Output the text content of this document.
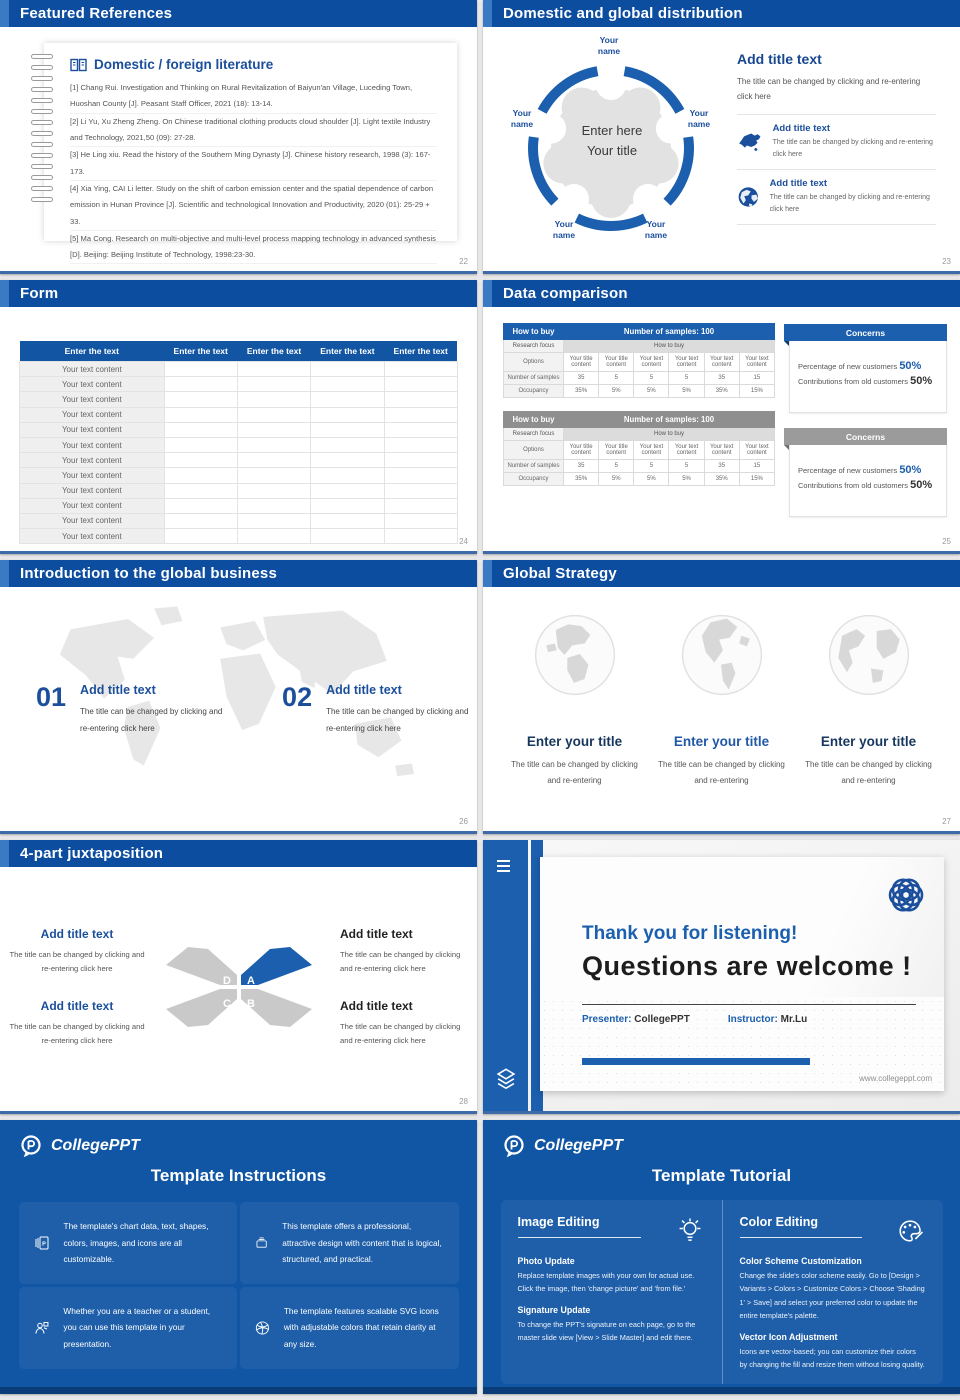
Featured References
Domestic / foreign literature

[1] Chang Rui. Investigation and Thinking on Rural Revitalization of Baiyun'an Village, Luceding Town, Huoshan County [J]. Peasant Staff Officer, 2021 (18): 13-14.

[2] Li Yu, Xu Zheng Zheng. On Chinese traditional clothing products cloud shoulder [J]. Light textile Industry and Technology, 2021,50 (09): 27-28.

[3] He Ling xiu. Read the history of the Southern Ming Dynasty [J]. Chinese history research, 1998 (3): 167-173.

[4] Xia Ying, CAI Li letter. Study on the shift of carbon emission center and the spatial dependence of carbon emission in Hunan Province [J]. Scientific and technological Innovation and Productivity, 2020 (01): 25-29 + 33.

[5] Ma Cong. Research on multi-objective and multi-level process mapping technology in advanced synthesis [D]. Beijing: Beijing Institute of Technology, 1998:23-30.

22
Domestic and global distribution
Your
name
Your
name
Your
name
Your
name
Your
name
Enter here
Your title
Add title text

The title can be changed by clicking and re-entering click here

Add title text

The title can be changed by clicking and re-entering click here

Add title text

The title can be changed by clicking and re-entering click here

23
Form
Enter the text	Enter the text	Enter the text	Enter the text	Enter the text
Your text content				
Your text content				
Your text content				
Your text content				
Your text content				
Your text content				
Your text content				
Your text content				
Your text content				
Your text content				
Your text content				
Your text content				
24
Data comparison
How to buy	Number of samples: 100					
Research focus	How to buy					
Options	Your title content	Your title content	Your text content	Your text content	Your text content	Your text content
Number of samples	35	5	5	5	35	15
Occupancy	35%	5%	5%	5%	35%	15%
How to buy	Number of samples: 100					
Research focus	How to buy					
Options	Your title content	Your title content	Your text content	Your text content	Your text content	Your text content
Number of samples	35	5	5	5	35	15
Occupancy	35%	5%	5%	5%	35%	15%
Concerns

Percentage of new customers 50%

Contributions from old customers 50%

Concerns

Percentage of new customers 50%

Contributions from old customers 50%

25
Introduction to the global business
01 Add title text

The title can be changed by clicking and re-entering click here

02 Add title text

The title can be changed by clicking and re-entering click here

26
Global Strategy
Enter your title

The title can be changed by clicking and re-entering

Enter your title

The title can be changed by clicking and re-entering

Enter your title

The title can be changed by clicking and re-entering

27
4-part juxtaposition
Add title text

The title can be changed by clicking and re-entering click here

D A
C B
Add title text

The title can be changed by clicking and re-entering click here

Add title text

The title can be changed by clicking and re-entering click here

Add title text

The title can be changed by clicking and re-entering click here

28
Thank you for listening!
Questions are welcome !
Presenter: CollegePPT	Instructor: Mr.Lu
www.collegeppt.com
CollegePPT
Template Instructions
P

The template's chart data, text, shapes, colors, images, and icons are all customizable.

This template offers a professional, attractive design with content that is logical, structured, and practical.

Whether you are a teacher or a student, you can use this template in your presentation.

The template features scalable SVG icons with adjustable colors that retain clarity at any size.

CollegePPT
Template Tutorial
Image Editing
Photo Update

Replace template images with your own for actual use. Click the image, then 'change picture' and 'from file.'

Signature Update

To change the PPT's signature on each page, go to the master slide view [View > Slide Master] and edit there.

Color Editing
Color Scheme Customization

Change the slide's color scheme easily. Go to [Design > Variants > Colors > Customize Colors > Choose 'Shading 1' > Save] and select your preferred color to update the entire template's palette.

Vector Icon Adjustment

Icons are vector-based; you can customize their colors by changing the fill and resize them without losing quality.
